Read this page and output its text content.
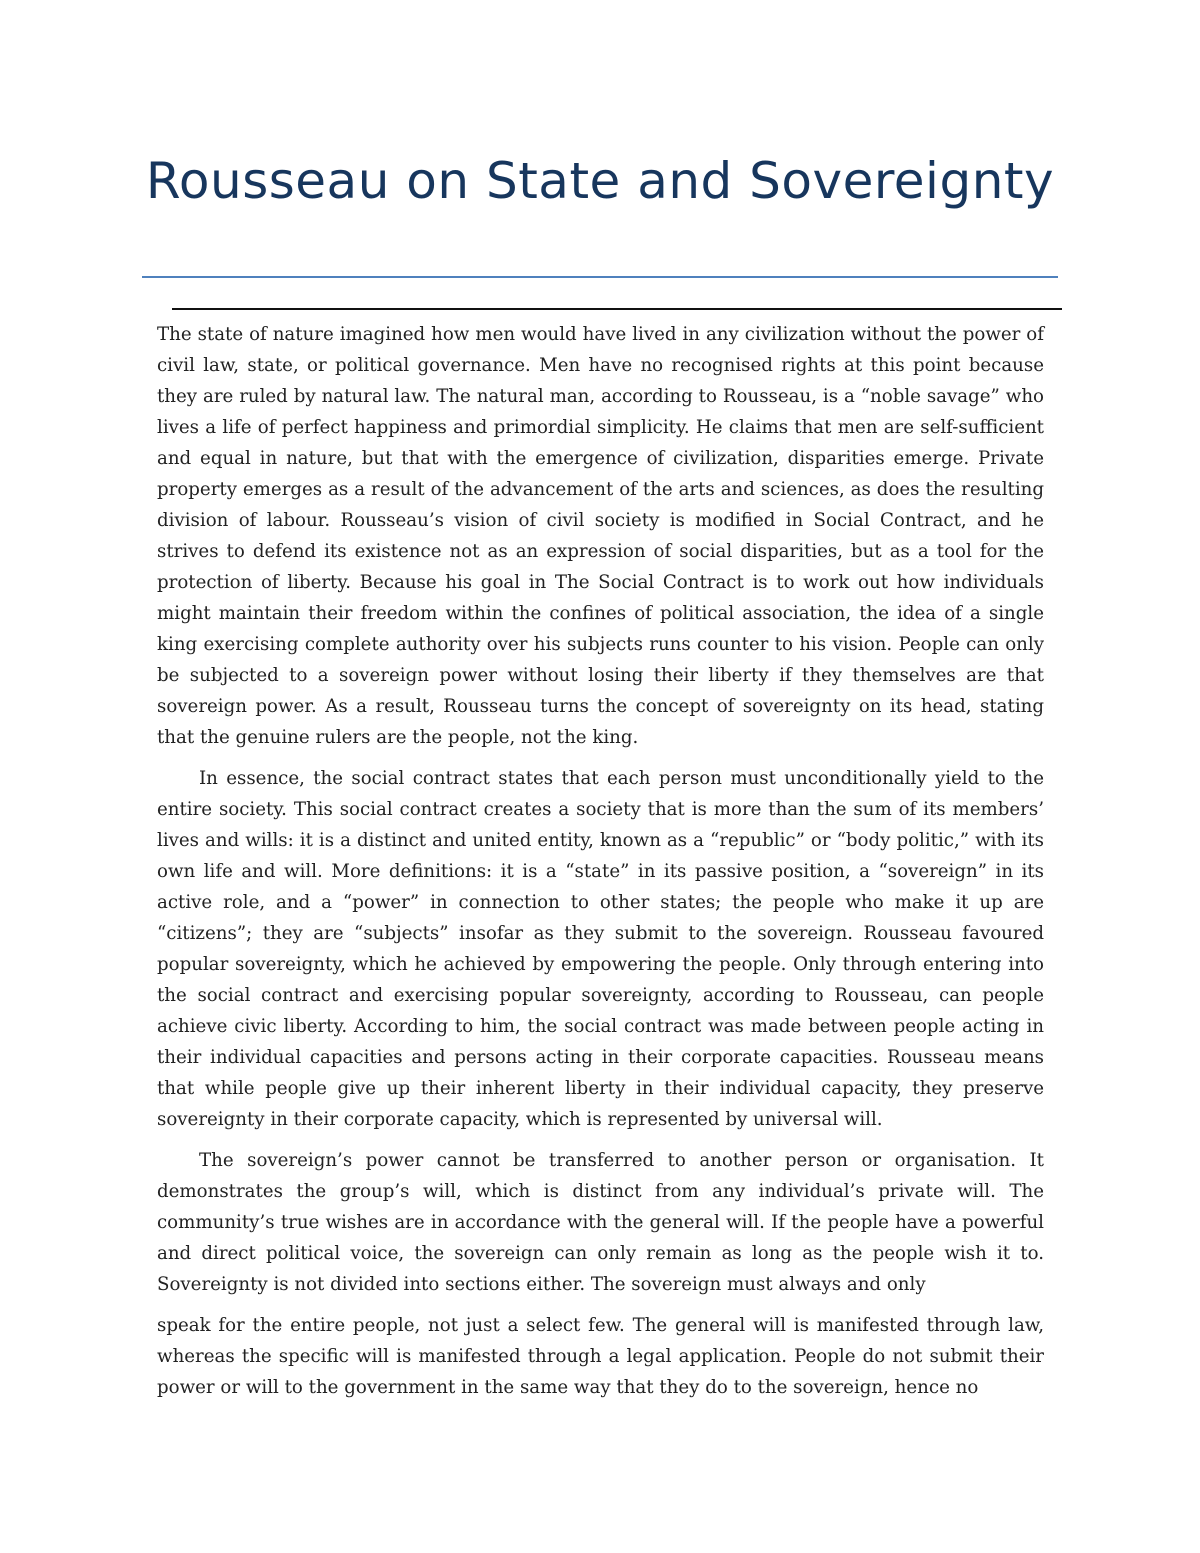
Rousseau on State and Sovereignty

The state of nature imagined how men would have lived in any civilization without the power of civil law, state, or political governance. Men have no recognised rights at this point because they are ruled by natural law. The natural man, according to Rousseau, is a “noble savage” who lives a life of perfect happiness and primordial simplicity. He claims that men are self-sufficient and equal in nature, but that with the emergence of civilization, disparities emerge. Private property emerges as a result of the advancement of the arts and sciences, as does the resulting division of labour. Rousseau’s vision of civil society is modified in Social Contract, and he strives to defend its existence not as an expression of social disparities, but as a tool for the protection of liberty. Because his goal in The Social Contract is to work out how individuals might maintain their freedom within the confines of political association, the idea of a single king exercising complete authority over his subjects runs counter to his vision. People can only be subjected to a sovereign power without losing their liberty if they themselves are that sovereign power. As a result, Rousseau turns the concept of sovereignty on its head, stating that the genuine rulers are the people, not the king.

In essence, the social contract states that each person must unconditionally yield to the entire society. This social contract creates a society that is more than the sum of its members’ lives and wills: it is a distinct and united entity, known as a “republic” or “body politic,” with its own life and will. More definitions: it is a “state” in its passive position, a “sovereign” in its active role, and a “power” in connection to other states; the people who make it up are “citizens”; they are “subjects” insofar as they submit to the sovereign. Rousseau favoured popular sovereignty, which he achieved by empowering the people. Only through entering into the social contract and exercising popular sovereignty, according to Rousseau, can people achieve civic liberty. According to him, the social contract was made between people acting in their individual capacities and persons acting in their corporate capacities. Rousseau means that while people give up their inherent liberty in their individual capacity, they preserve sovereignty in their corporate capacity, which is represented by universal will.

The sovereign’s power cannot be transferred to another person or organisation. It demonstrates the group’s will, which is distinct from any individual’s private will. The community’s true wishes are in accordance with the general will. If the people have a powerful and direct political voice, the sovereign can only remain as long as the people wish it to. Sovereignty is not divided into sections either. The sovereign must always and only

speak for the entire people, not just a select few. The general will is manifested through law, whereas the specific will is manifested through a legal application. People do not submit their power or will to the government in the same way that they do to the sovereign, hence no
